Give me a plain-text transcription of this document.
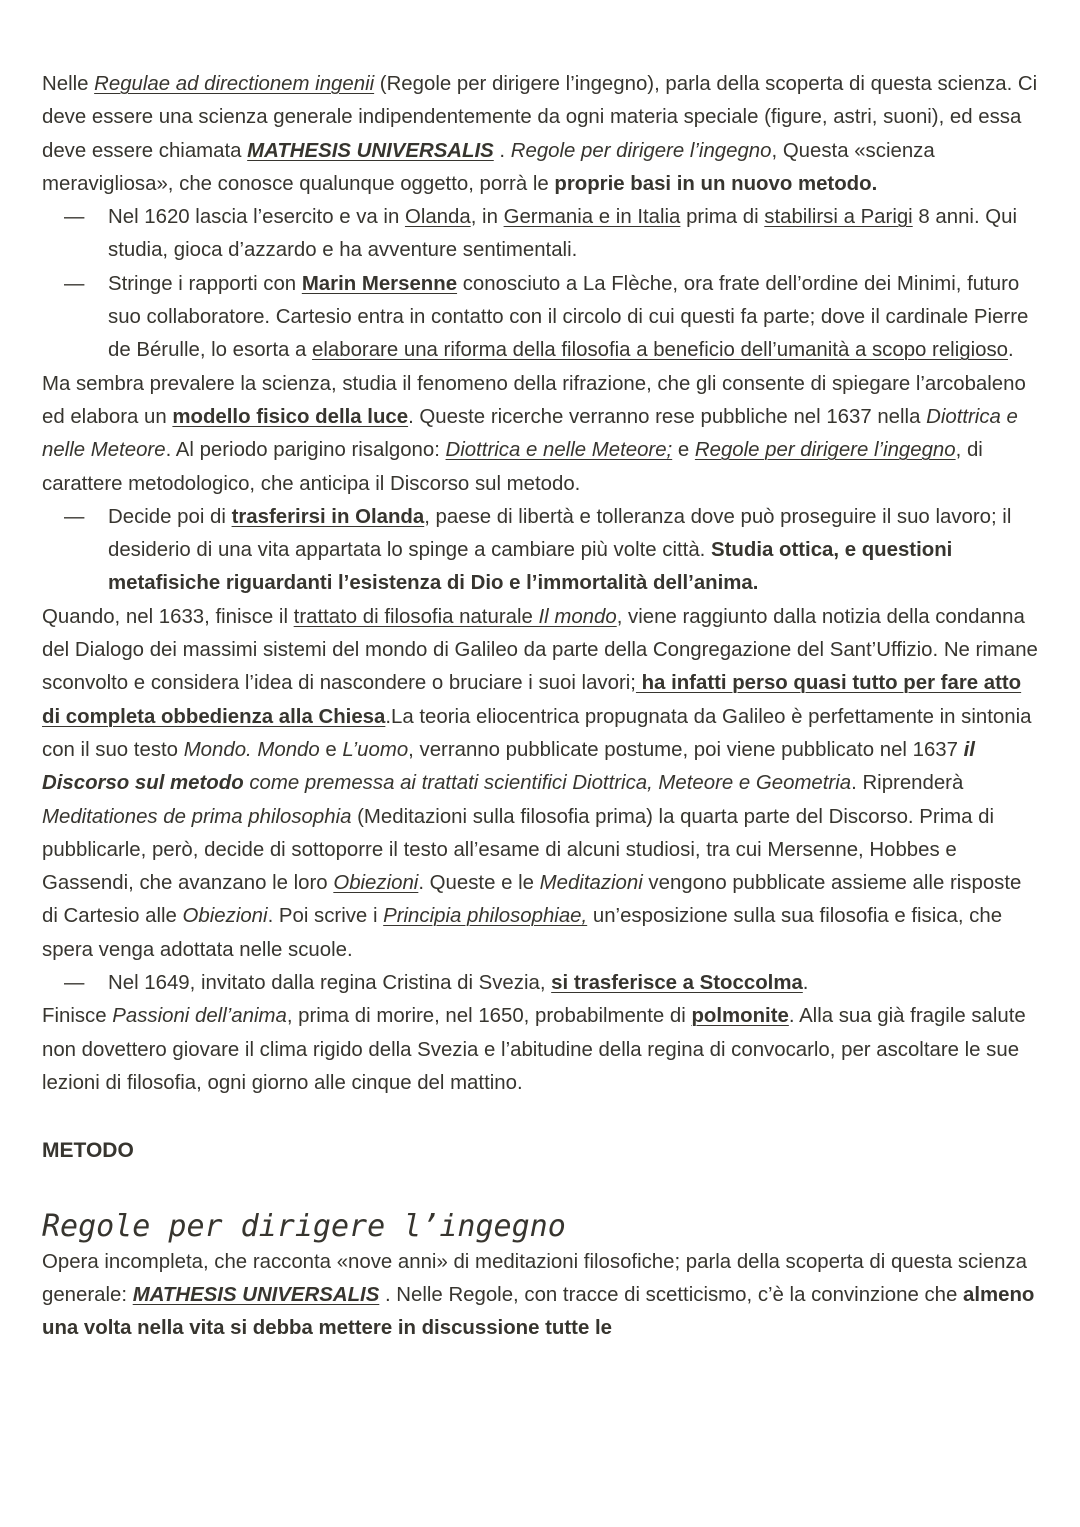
Nelle Regulae ad directionem ingenii (Regole per dirigere l’ingegno), parla della scoperta di questa scienza. Ci deve essere una scienza generale indipendentemente da ogni materia speciale (figure, astri, suoni), ed essa deve essere chiamata MATHESIS UNIVERSALIS . Regole per dirigere l’ingegno, Questa «scienza meravigliosa», che conosce qualunque oggetto, porrà le proprie basi in un nuovo metodo.

— Nel 1620 lascia l’esercito e va in Olanda, in Germania e in Italia prima di stabilirsi a Parigi 8 anni. Qui studia, gioca d’azzardo e ha avventure sentimentali.

— Stringe i rapporti con Marin Mersenne conosciuto a La Flèche, ora frate dell’ordine dei Minimi, futuro suo collaboratore. Cartesio entra in contatto con il circolo di cui questi fa parte; dove il cardinale Pierre de Bérulle, lo esorta a elaborare una riforma della filosofia a beneficio dell’umanità a scopo religioso.

Ma sembra prevalere la scienza, studia il fenomeno della rifrazione, che gli consente di spiegare l’arcobaleno ed elabora un modello fisico della luce. Queste ricerche verranno rese pubbliche nel 1637 nella Diottrica e nelle Meteore. Al periodo parigino risalgono: Diottrica e nelle Meteore; e Regole per dirigere l’ingegno, di carattere metodologico, che anticipa il Discorso sul metodo.

— Decide poi di trasferirsi in Olanda, paese di libertà e tolleranza dove può proseguire il suo lavoro; il desiderio di una vita appartata lo spinge a cambiare più volte città. Studia ottica, e questioni metafisiche riguardanti l’esistenza di Dio e l’immortalità dell’anima.

Quando, nel 1633, finisce il trattato di filosofia naturale Il mondo, viene raggiunto dalla notizia della condanna del Dialogo dei massimi sistemi del mondo di Galileo da parte della Congregazione del Sant’Uffizio. Ne rimane sconvolto e considera l’idea di nascondere o bruciare i suoi lavori; ha infatti perso quasi tutto per fare atto di completa obbedienza alla Chiesa.La teoria eliocentrica propugnata da Galileo è perfettamente in sintonia con il suo testo Mondo. Mondo e L’uomo, verranno pubblicate postume, poi viene pubblicato nel 1637 il Discorso sul metodo come premessa ai trattati scientifici Diottrica, Meteore e Geometria. Riprenderà Meditationes de prima philosophia (Meditazioni sulla filosofia prima) la quarta parte del Discorso. Prima di pubblicarle, però, decide di sottoporre il testo all’esame di alcuni studiosi, tra cui Mersenne, Hobbes e Gassendi, che avanzano le loro Obiezioni. Queste e le Meditazioni vengono pubblicate assieme alle risposte di Cartesio alle Obiezioni. Poi scrive i Principia philosophiae, un’esposizione sulla sua filosofia e fisica, che spera venga adottata nelle scuole.

— Nel 1649, invitato dalla regina Cristina di Svezia, si trasferisce a Stoccolma.

Finisce Passioni dell’anima, prima di morire, nel 1650, probabilmente di polmonite. Alla sua già fragile salute non dovettero giovare il clima rigido della Svezia e l’abitudine della regina di convocarlo, per ascoltare le sue lezioni di filosofia, ogni giorno alle cinque del mattino.

METODO

Regole per dirigere l’ingegno

Opera incompleta, che racconta «nove anni» di meditazioni filosofiche; parla della scoperta di questa scienza generale: MATHESIS UNIVERSALIS . Nelle Regole, con tracce di scetticismo, c’è la convinzione che almeno una volta nella vita si debba mettere in discussione tutte le
